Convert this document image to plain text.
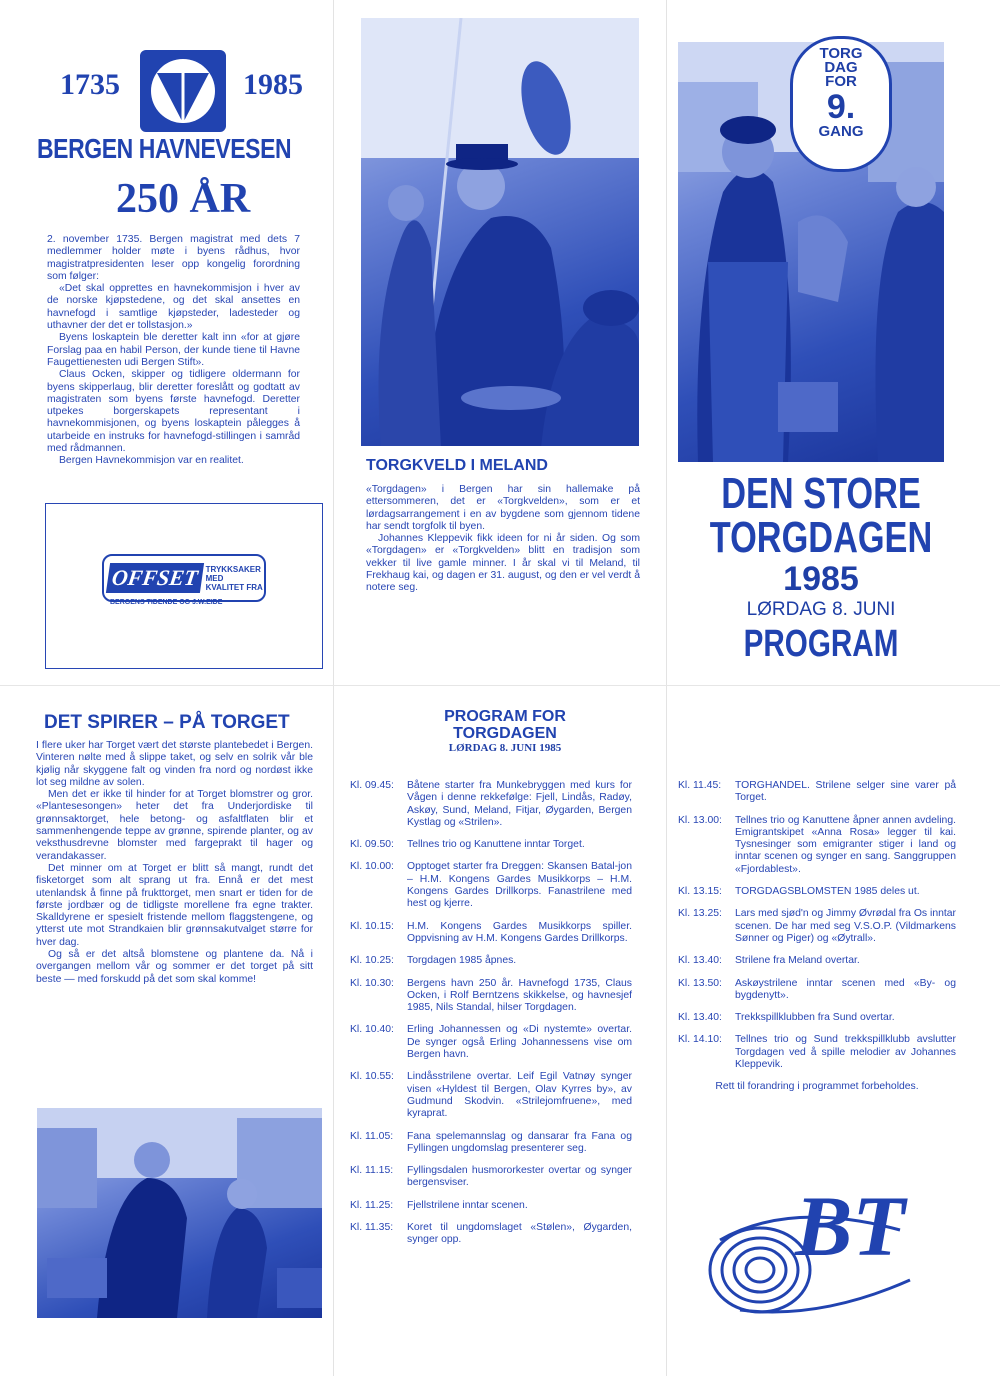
1735	1985
BERGEN HAVNEVESEN
250 ÅR

2. november 1735. Bergen magistrat med dets 7 medlemmer holder møte i byens rådhus, hvor magistratpresidenten leser opp kongelig forordning som følger:

«Det skal opprettes en havnekommisjon i hver av de norske kjøpstedene, og det skal ansettes en havnefogd i samtlige kjøpsteder, ladesteder og uthavner der det er tollstasjon.»

Byens loskaptein ble deretter kalt inn «for at gjøre Forslag paa en habil Person, der kunde tiene til Havne Faugettienesten udi Bergen Stift».

Claus Ocken, skipper og tidligere oldermann for byens skipperlaug, blir deretter foreslått og godtatt av magistraten som byens første havnefogd. Deretter utpekes borgerskapets representant i havnekommisjonen, og byens loskaptein pålegges å utarbeide en instruks for havnefogd-stillingen i samråd med rådmannen.

Bergen Havnekommisjon var en realitet.

OFFSET TRYKKSAKER MED
KVALITET FRA
BERGENS TIDENDE OG J.W.EIDE
TORGKVELD I MELAND

«Torgdagen» i Bergen har sin hallemake på ettersommeren, det er «Torgkvelden», som er et lørdagsarrangement i en av bygdene som gjennom tidene har sendt torgfolk til byen.

Johannes Kleppevik fikk ideen for ni år siden. Og som «Torgdagen» er «Torgkvelden» blitt en tradisjon som vekker til live gamle minner. I år skal vi til Meland, til Frekhaug kai, og dagen er 31. august, og den er vel verdt å notere seg.

TORG
DAG
FOR
9.
GANG
DEN STORE
TORGDAGEN
1985
LØRDAG 8. JUNI
PROGRAM
DET SPIRER – PÅ TORGET

I flere uker har Torget vært det største plantebedet i Bergen. Vinteren nølte med å slippe taket, og selv en solrik vår ble kjølig når skyggene falt og vinden fra nord og nordøst ikke lot seg mildne av solen.

Men det er ikke til hinder for at Torget blomstrer og gror. «Plantesesongen» heter det fra Underjordiske til grønnsaktorget, hele betong- og asfaltflaten blir et sammenhengende teppe av grønne, spirende planter, og av veksthusdrevne blomster med fargeprakt til hager og verandakasser.

Det minner om at Torget er blitt så mangt, rundt det fisketorget som alt sprang ut fra. Ennå er det mest utenlandsk å finne på frukttorget, men snart er tiden for de første jordbær og de tidligste morellene fra egne trakter. Skalldyrene er spesielt fristende mellom flaggstengene, og ytterst ute mot Strandkaien blir grønnsakutvalget større for hver dag.

Og så er det altså blomstene og plantene da. Nå i overgangen mellom vår og sommer er det torget på sitt beste — med forskudd på det som skal komme!

PROGRAM FOR
TORGDAGEN
LØRDAG 8. JUNI 1985
Kl. 09.45:	Båtene starter fra Munkebryggen med kurs for Vågen i denne rekkefølge: Fjell, Lindås, Radøy, Askøy, Sund, Meland, Fitjar, Øygarden, Bergen Kystlag og «Strilen».
Kl. 09.50:	Tellnes trio og Kanuttene inntar Torget.
Kl. 10.00:	Opptoget starter fra Dreggen: Skansen Batal-jon – H.M. Kongens Gardes Musikkorps – H.M. Kongens Gardes Drillkorps. Fanastrilene med hest og kjerre.
Kl. 10.15:	H.M. Kongens Gardes Musikkorps spiller. Oppvisning av H.M. Kongens Gardes Drillkorps.
Kl. 10.25:	Torgdagen 1985 åpnes.
Kl. 10.30:	Bergens havn 250 år. Havnefogd 1735, Claus Ocken, i Rolf Berntzens skikkelse, og havnesjef 1985, Nils Standal, hilser Torgdagen.
Kl. 10.40:	Erling Johannessen og «Di nystemte» overtar. De synger også Erling Johannessens vise om Bergen havn.
Kl. 10.55:	Lindåsstrilene overtar. Leif Egil Vatnøy synger visen «Hyldest til Bergen, Olav Kyrres by», av Gudmund Skodvin. «Strilejomfruene», med kyraprat.
Kl. 11.05:	Fana spelemannslag og dansarar fra Fana og Fyllingen ungdomslag presenterer seg.
Kl. 11.15:	Fyllingsdalen husmororkester overtar og synger bergensviser.
Kl. 11.25:	Fjellstrilene inntar scenen.
Kl. 11.35:	Koret til ungdomslaget «Stølen», Øygarden, synger opp.
Kl. 11.45:	TORGHANDEL. Strilene selger sine varer på Torget.
Kl. 13.00:	Tellnes trio og Kanuttene åpner annen avdeling. Emigrantskipet «Anna Rosa» legger til kai. Tysnesinger som emigranter stiger i land og inntar scenen og synger en sang. Sanggruppen «Fjordablest».
Kl. 13.15:	TORGDAGSBLOMSTEN 1985 deles ut.
Kl. 13.25:	Lars med sjød'n og Jimmy Øvrødal fra Os inntar scenen. De har med seg V.S.O.P. (Vildmarkens Sønner og Piger) og «Øytrall».
Kl. 13.40:	Strilene fra Meland overtar.
Kl. 13.50:	Askøystrilene inntar scenen med «By- og bygdenytt».
Kl. 13.40:	Trekkspillklubben fra Sund overtar.
Kl. 14.10:	Tellnes trio og Sund trekkspillklubb avslutter Torgdagen ved å spille melodier av Johannes Kleppevik.
Rett til forandring i programmet forbeholdes.
BT
